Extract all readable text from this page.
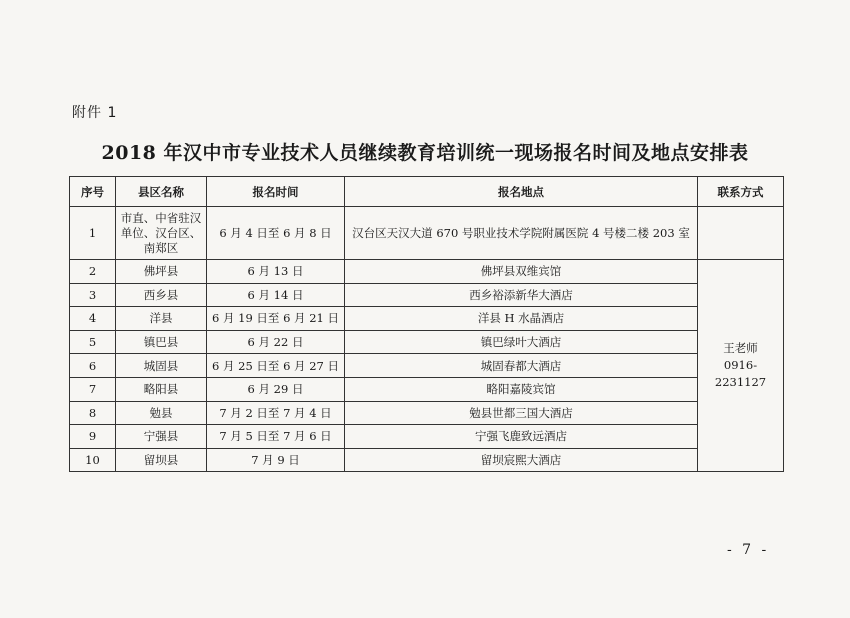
附件 1
2018 年汉中市专业技术人员继续教育培训统一现场报名时间及地点安排表
序号	县区名称	报名时间	报名地点	联系方式
1	市直、中省驻汉单位、汉台区、南郑区	6 月 4 日至 6 月 8 日	汉台区天汉大道 670 号职业技术学院附属医院 4 号楼二楼 203 室	
2	佛坪县	6 月 13 日	佛坪县双维宾馆	王老师
0916-2231127

3	西乡县	6 月 14 日	西乡裕添新华大酒店	
4	洋县	6 月 19 日至 6 月 21 日	洋县 H 水晶酒店	
5	镇巴县	6 月 22 日	镇巴绿叶大酒店	
6	城固县	6 月 25 日至 6 月 27 日	城固春都大酒店	
7	略阳县	6 月 29 日	略阳嘉陵宾馆	
8	勉县	7 月 2 日至 7 月 4 日	勉县世都三国大酒店	
9	宁强县	7 月 5 日至 7 月 6 日	宁强飞鹿致远酒店	
10	留坝县	7 月 9 日	留坝宸熙大酒店	
- 7 -
